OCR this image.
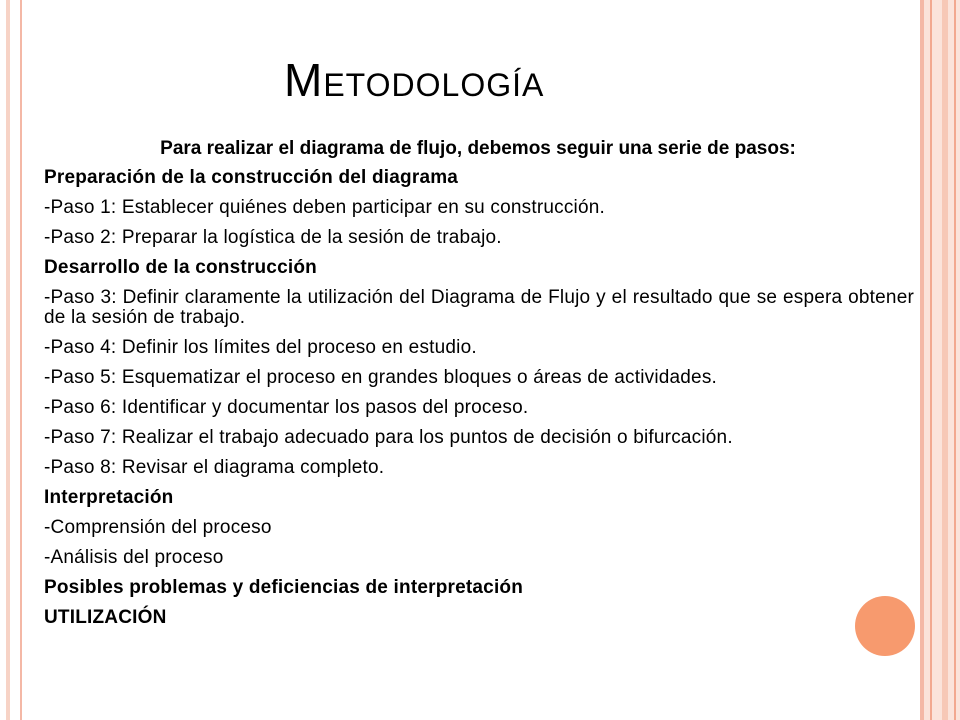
Metodología

Para realizar el diagrama de flujo, debemos seguir una serie de pasos:

Preparación de la construcción del diagrama

-Paso 1: Establecer quiénes deben participar en su construcción.

-Paso 2: Preparar la logística de la sesión de trabajo.

Desarrollo de la construcción

-Paso 3: Definir claramente la utilización del Diagrama de Flujo y el resultado que se espera obtener de la sesión de trabajo.

-Paso 4: Definir los límites del proceso en estudio.

-Paso 5: Esquematizar el proceso en grandes bloques o áreas de actividades.

-Paso 6: Identificar y documentar los pasos del proceso.

-Paso 7: Realizar el trabajo adecuado para los puntos de decisión o bifurcación.

-Paso 8: Revisar el diagrama completo.

Interpretación

-Comprensión del proceso

-Análisis del proceso

Posibles problemas y deficiencias de interpretación

UTILIZACIÓN
